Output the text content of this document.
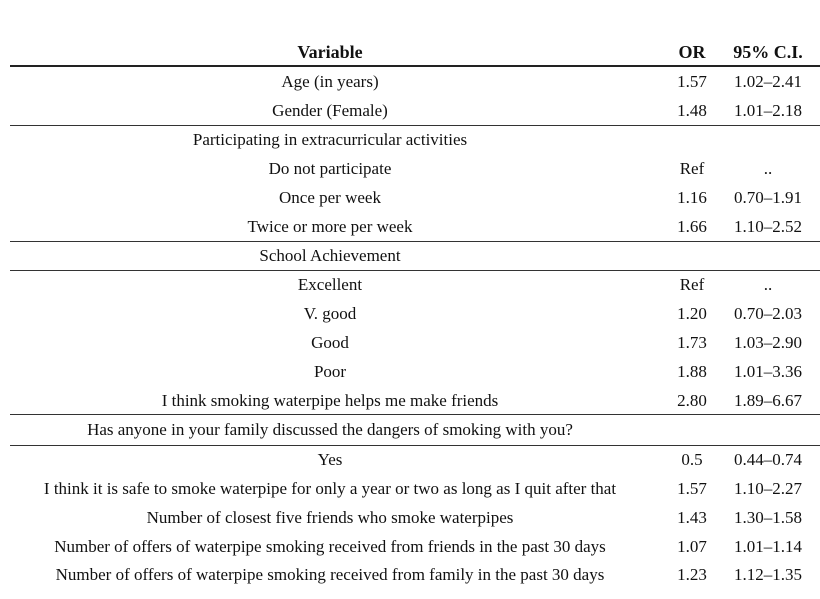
Variable	OR	95% C.I.
Age (in years)	1.57	1.02–2.41
Gender (Female)	1.48	1.01–2.18
Participating in extracurricular activities
Do not participate	Ref	..
Once per week	1.16	0.70–1.91
Twice or more per week	1.66	1.10–2.52
School Achievement
Excellent	Ref	..
V. good	1.20	0.70–2.03
Good	1.73	1.03–2.90
Poor	1.88	1.01–3.36
I think smoking waterpipe helps me make friends	2.80	1.89–6.67
Has anyone in your family discussed the dangers of smoking with you?
Yes	0.5	0.44–0.74
I think it is safe to smoke waterpipe for only a year or two as long as I quit after that	1.57	1.10–2.27
Number of closest five friends who smoke waterpipes	1.43	1.30–1.58
Number of offers of waterpipe smoking received from friends in the past 30 days	1.07	1.01–1.14
Number of offers of waterpipe smoking received from family in the past 30 days	1.23	1.12–1.35
